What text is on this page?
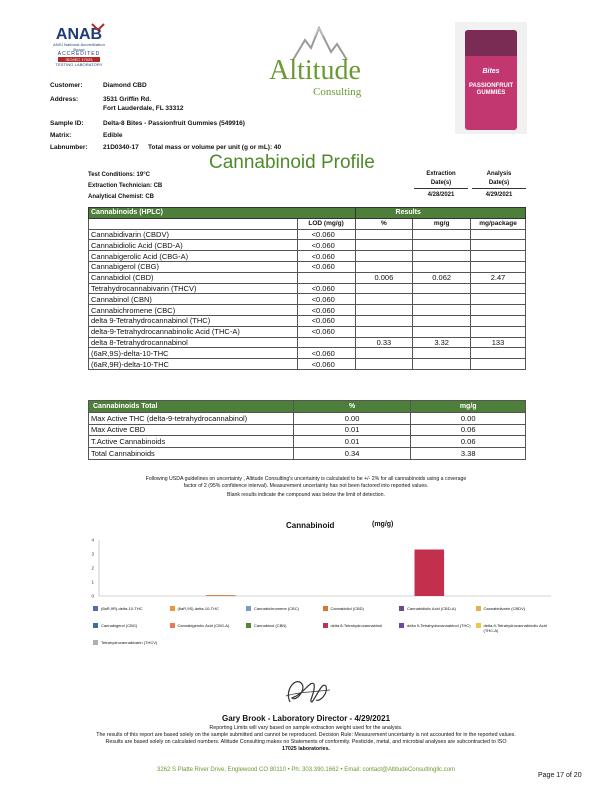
ANAB
ANSI National Accreditation Board
ACCREDITED
ISO/IEC 17025
TESTING LABORATORY	Altitude
Consulting
Bites
PASSIONFRUIT GUMMIES
Customer:	Diamond CBD
Address:	3531 Griffin Rd.
Fort Lauderdale, FL 33312
Sample ID:	Delta-8 Bites - Passionfruit Gummies (549916)
Matrix:	Edible
Labnumber: 21D0340-17 Total mass or volume per unit (g or mL): 40
Cannabinoid Profile
Test Conditions: 19°C
Extraction Technician: CB
Analytical Chemist: CB
Extraction
Date(s)
4/28/2021
Analysis
Date(s)
4/29/2021
Cannabinoids (HPLC)		Results		
	LOD (mg/g)	%	mg/g	mg/package
Cannabidivarin (CBDV)	<0.060			
Cannabidiolic Acid (CBD-A)	<0.060			
Cannabigerolic Acid (CBG-A)	<0.060			
Cannabigerol (CBG)	<0.060			
Cannabidiol (CBD)		0.006	0.062	2.47
Tetrahydrocannabivarin (THCV)	<0.060			
Cannabinol (CBN)	<0.060			
Cannabichromene (CBC)	<0.060			
delta 9-Tetrahydrocannabinol (THC)	<0.060			
delta-9-Tetrahydrocannabinolic Acid (THC-A)	<0.060			
delta 8-Tetrahydrocannabinol		0.33	3.32	133
(6aR,9S)-delta-10-THC	<0.060			
(6aR,9R)-delta-10-THC	<0.060			
Cannabinoids Total	%	mg/g
Max Active THC (delta-9-tetrahydrocannabinol)	0.00	0.00
Max Active CBD	0.01	0.06
T.Active Cannabinoids	0.01	0.06
Total Cannabinoids	0.34	3.38
Following USDA guidelines on uncertainty , Altitude Consulting's uncertainty is calculated to be +/- 2% for all cannabinoids using a coverage
factor of 2 (95% confidence interval). Measurement uncertainty has not been factored into reported values.
Blank results indicate the compound was below the limit of detection.
Cannabinoid	(mg/g)
0
1
2
3
4
(6aR,9R)-delta-10-THC	(6aR,9S)-delta-10-THC	Cannabichromene (CBC)	Cannabidiol (CBD)	Cannabidiolic Acid (CBD-A)	Cannabidivarin (CBDV)
Cannabigerol (CBG)	Cannabigerolic Acid (CBG-A)	Cannabinol (CBN)	delta 8-Tetrahydrocannabinol	delta 9-Tetrahydrocannabinol (THC)	delta-9-Tetrahydrocannabinolic Acid (THC-A)
Tetrahydrocannabivarin (THCV)
Gary Brook - Laboratory Director - 4/29/2021
Reporting Limits will vary based on sample extraction weight used for the analysis.
The results of this report are based solely on the sample submitted and cannot be reproduced. Decision Rule: Measurement uncertainty is not accounted for in the reported values.
Results are based solely on calculated numbers. Altitude Consulting makes no Statements of conformity. Pesticide, metal, and microbial analyses are subcontracted to ISO
17025 laboratories.
3262 S Platte River Drive, Englewood CO 80110 • Ph: 303.390.1662 • Email: contact@AltitudeConsultingllc.com
Page 17 of 20
